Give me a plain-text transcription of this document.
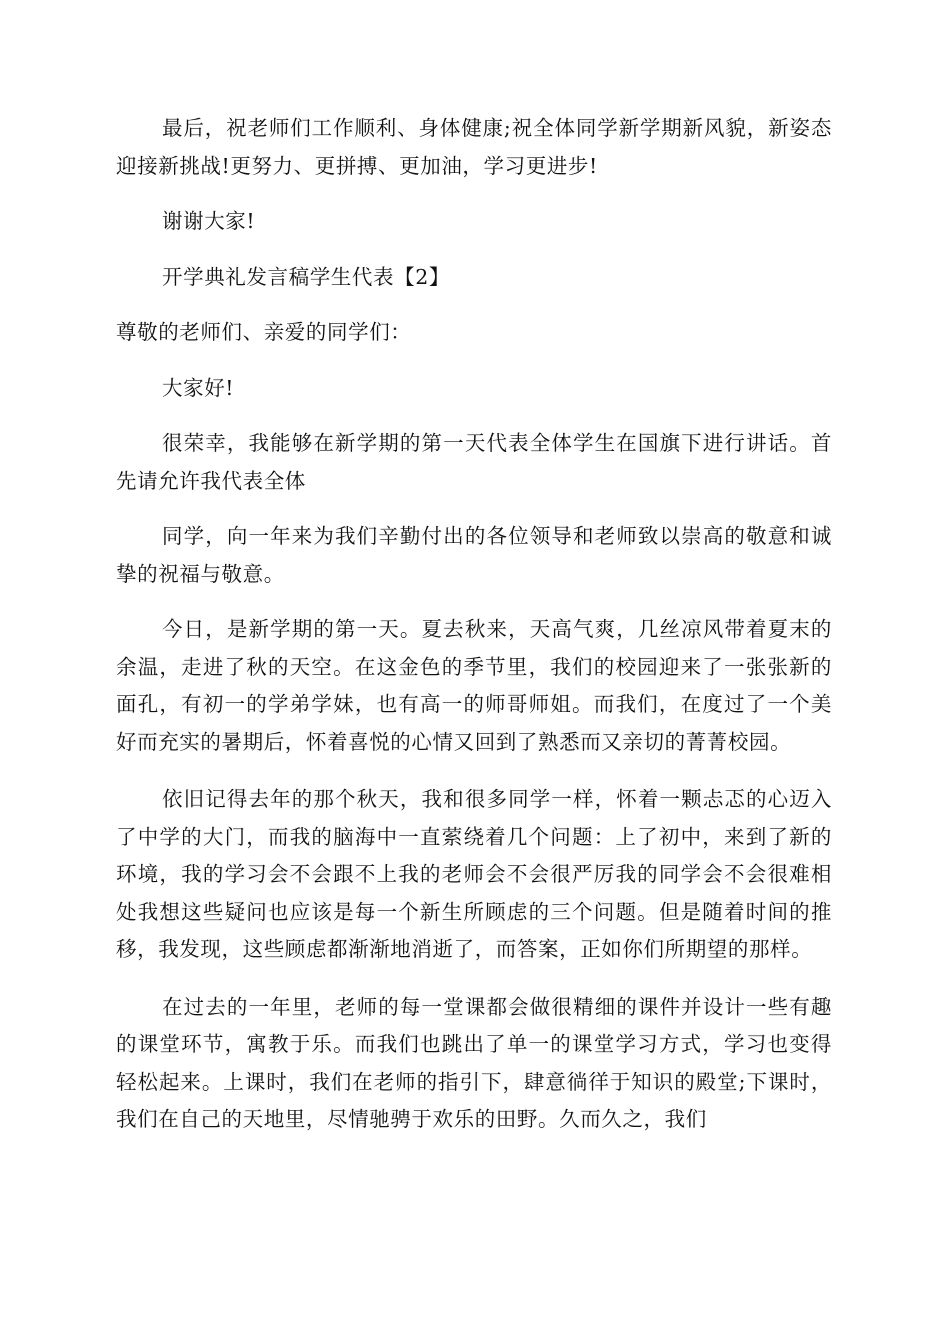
最后，祝老师们工作顺利、身体健康;祝全体同学新学期新风貌，新姿态迎接新挑战!更努力、更拼搏、更加油，学习更进步!

谢谢大家!

开学典礼发言稿学生代表【2】

尊敬的老师们、亲爱的同学们：

大家好!

很荣幸，我能够在新学期的第一天代表全体学生在国旗下进行讲话。首先请允许我代表全体

同学，向一年来为我们辛勤付出的各位领导和老师致以崇高的敬意和诚挚的祝福与敬意。

今日，是新学期的第一天。夏去秋来，天高气爽，几丝凉风带着夏末的余温，走进了秋的天空。在这金色的季节里，我们的校园迎来了一张张新的面孔，有初一的学弟学妹，也有高一的师哥师姐。而我们，在度过了一个美好而充实的暑期后，怀着喜悦的心情又回到了熟悉而又亲切的菁菁校园。

依旧记得去年的那个秋天，我和很多同学一样，怀着一颗忐忑的心迈入了中学的大门，而我的脑海中一直萦绕着几个问题：上了初中，来到了新的环境，我的学习会不会跟不上我的老师会不会很严厉我的同学会不会很难相处我想这些疑问也应该是每一个新生所顾虑的三个问题。但是随着时间的推移，我发现，这些顾虑都渐渐地消逝了，而答案，正如你们所期望的那样。

在过去的一年里，老师的每一堂课都会做很精细的课件并设计一些有趣的课堂环节，寓教于乐。而我们也跳出了单一的课堂学习方式，学习也变得轻松起来。上课时，我们在老师的指引下，肆意徜徉于知识的殿堂;下课时，我们在自己的天地里，尽情驰骋于欢乐的田野。久而久之，我们
